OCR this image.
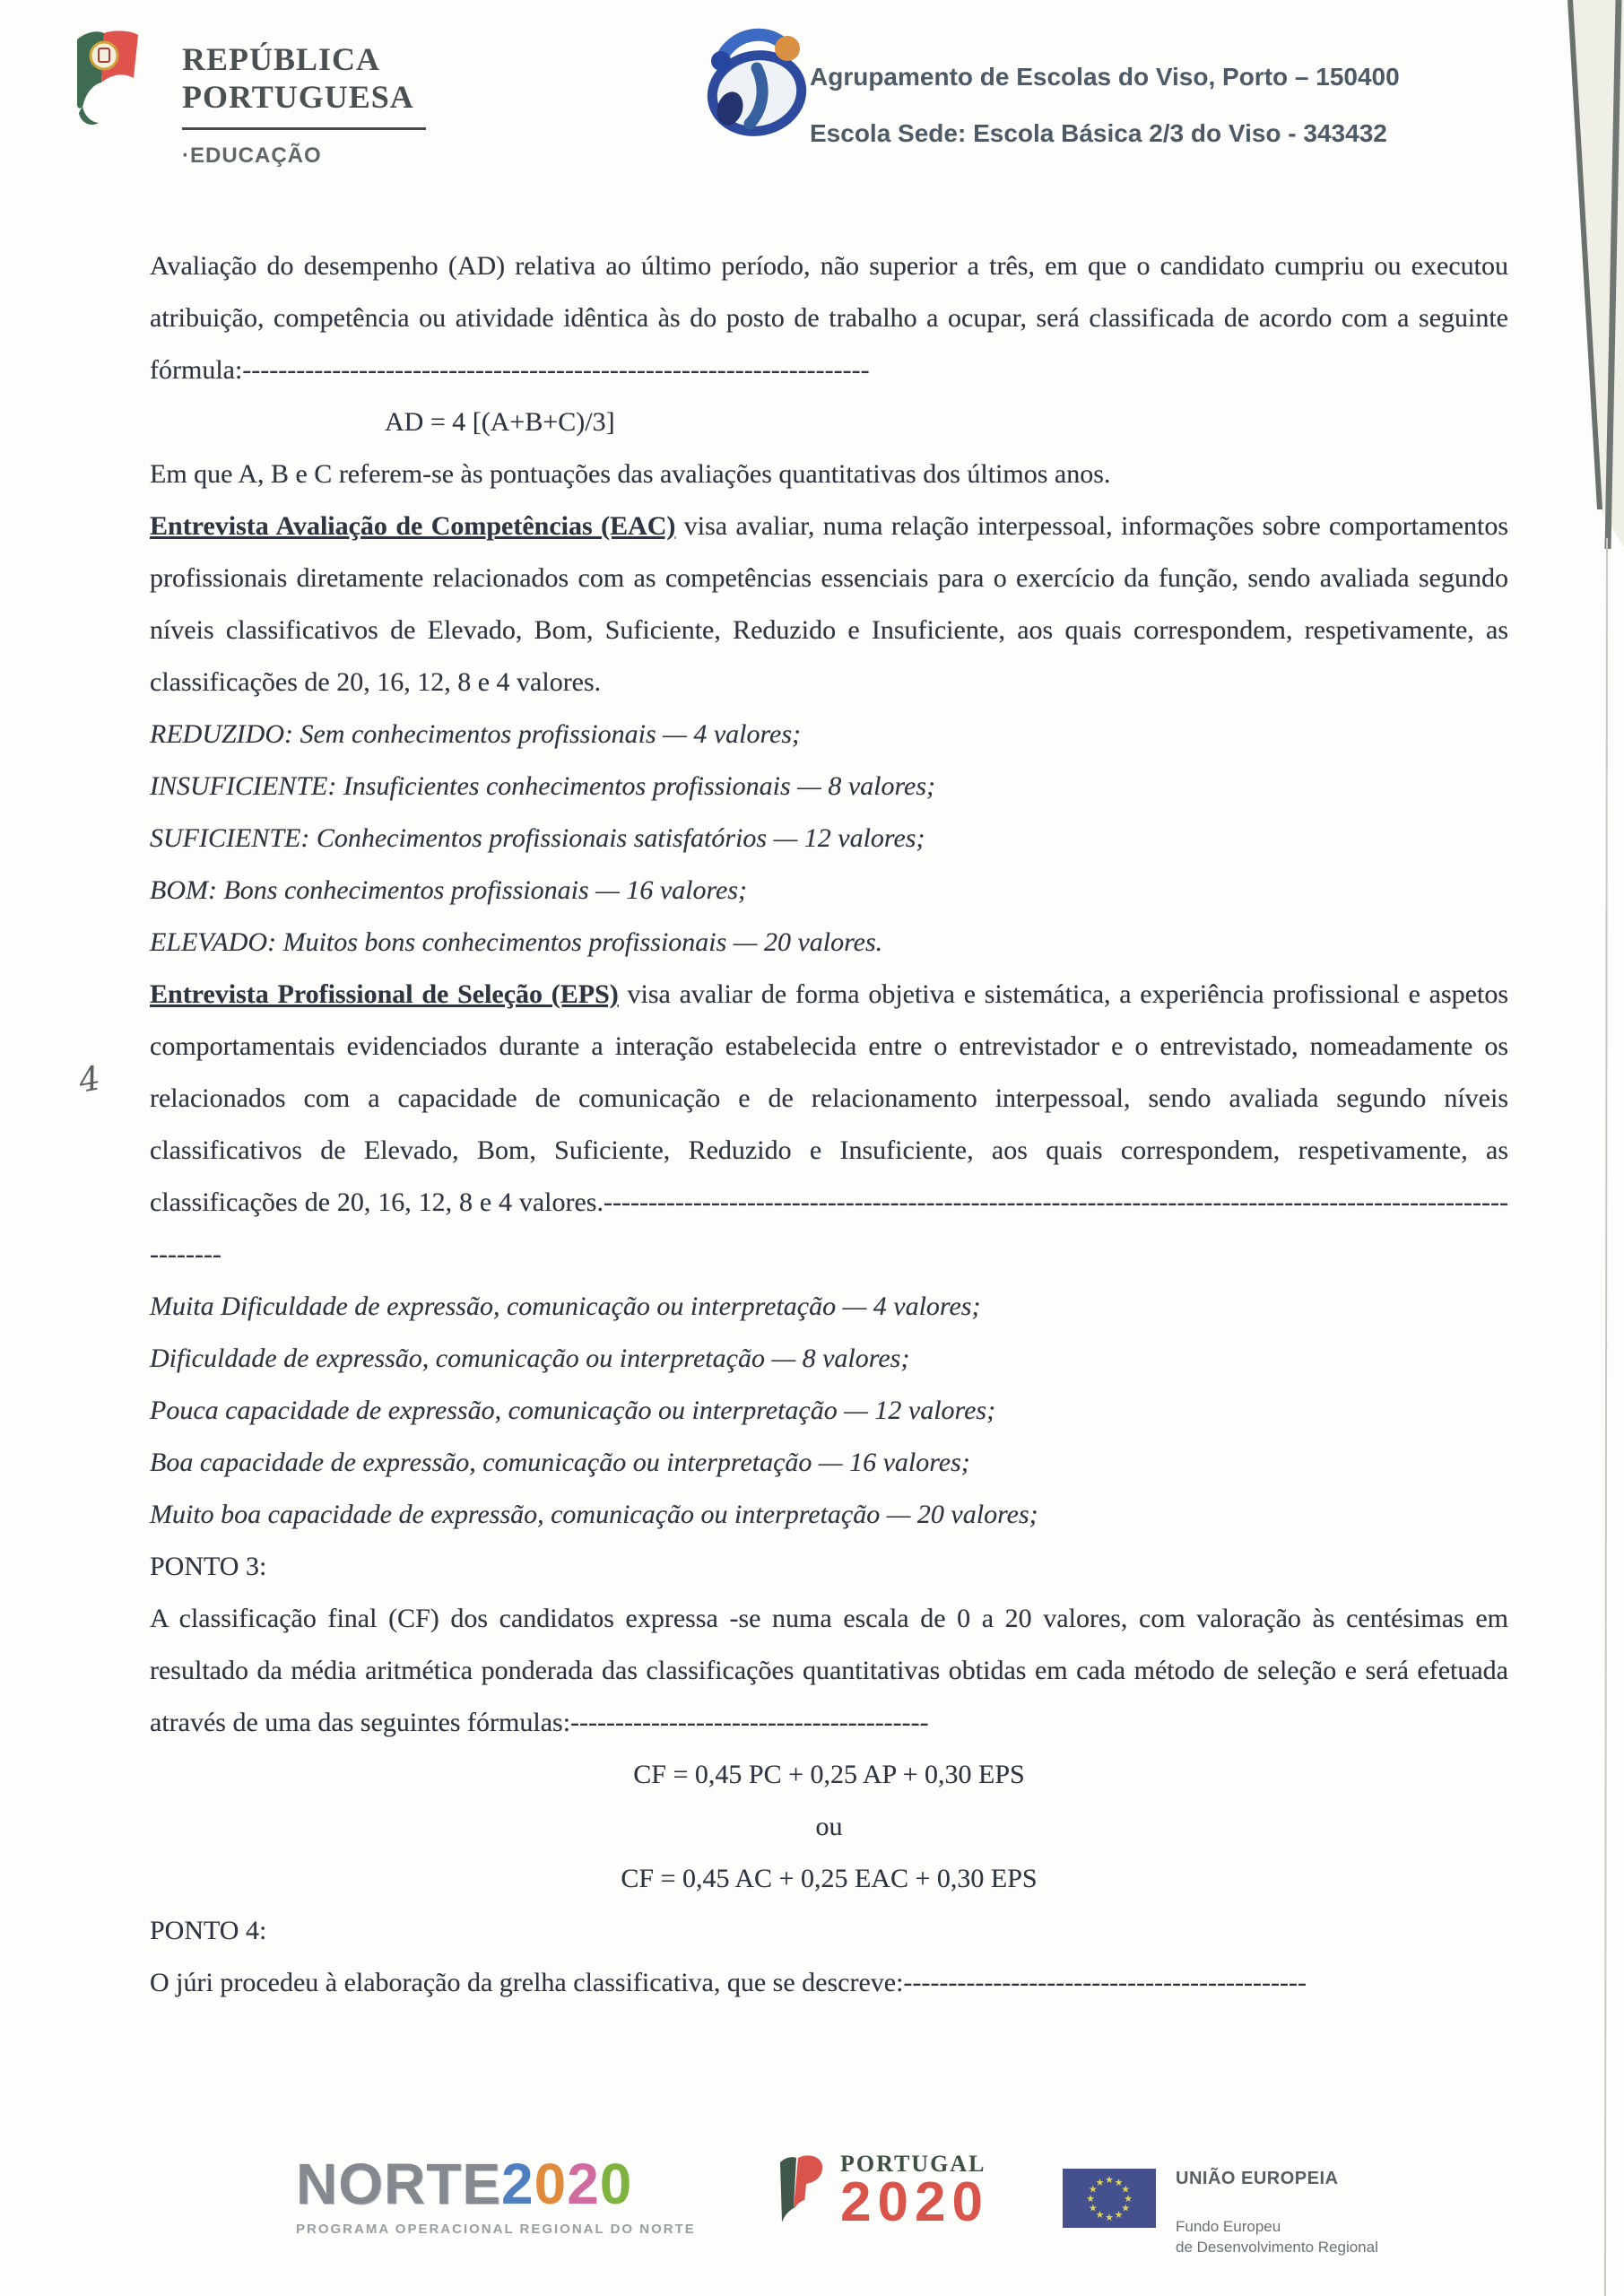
REPÚBLICA
PORTUGUESA
·EDUCAÇÃO
Agrupamento de Escolas do Viso, Porto – 150400
Escola Sede: Escola Básica 2/3 do Viso - 343432
4

Avaliação do desempenho (AD) relativa ao último período, não superior a três, em que o candidato cumpriu ou executou atribuição, competência ou atividade idêntica às do posto de trabalho a ocupar, será classificada de acordo com a seguinte fórmula:----------------------------------------------------------------------

AD = 4 [(A+B+C)/3]

Em que A, B e C referem-se às pontuações das avaliações quantitativas dos últimos anos.

Entrevista Avaliação de Competências (EAC) visa avaliar, numa relação interpessoal, informações sobre comportamentos profissionais diretamente relacionados com as competências essenciais para o exercício da função, sendo avaliada segundo níveis classificativos de Elevado, Bom, Suficiente, Reduzido e Insuficiente, aos quais correspondem, respetivamente, as classificações de 20, 16, 12, 8 e 4 valores.

REDUZIDO: Sem conhecimentos profissionais — 4 valores;

INSUFICIENTE: Insuficientes conhecimentos profissionais — 8 valores;

SUFICIENTE: Conhecimentos profissionais satisfatórios — 12 valores;

BOM: Bons conhecimentos profissionais — 16 valores;

ELEVADO: Muitos bons conhecimentos profissionais — 20 valores.

Entrevista Profissional de Seleção (EPS) visa avaliar de forma objetiva e sistemática, a experiência profissional e aspetos comportamentais evidenciados durante a interação estabelecida entre o entrevistador e o entrevistado, nomeadamente os relacionados com a capacidade de comunicação e de relacionamento interpessoal, sendo avaliada segundo níveis classificativos de Elevado, Bom, Suficiente, Reduzido e Insuficiente, aos quais correspondem, respetivamente, as classificações de 20, 16, 12, 8 e 4 valores.-------------------------------------------------------------------------------------------------------------

Muita Dificuldade de expressão, comunicação ou interpretação — 4 valores;

Dificuldade de expressão, comunicação ou interpretação — 8 valores;

Pouca capacidade de expressão, comunicação ou interpretação — 12 valores;

Boa capacidade de expressão, comunicação ou interpretação — 16 valores;

Muito boa capacidade de expressão, comunicação ou interpretação — 20 valores;

PONTO 3:

A classificação final (CF) dos candidatos expressa -se numa escala de 0 a 20 valores, com valoração às centésimas em resultado da média aritmética ponderada das classificações quantitativas obtidas em cada método de seleção e será efetuada através de uma das seguintes fórmulas:----------------------------------------

CF = 0,45 PC + 0,25 AP + 0,30 EPS

ou

CF = 0,45 AC + 0,25 EAC + 0,30 EPS

PONTO 4:

O júri procedeu à elaboração da grelha classificativa, que se descreve:---------------------------------------------

NORTE2020
PROGRAMA OPERACIONAL REGIONAL DO NORTE
PORTUGAL
2020	★ ★
★
★
★
★
★
★
★
★
★
★	UNIÃO EUROPEIA
Fundo Europeu
de Desenvolvimento Regional
